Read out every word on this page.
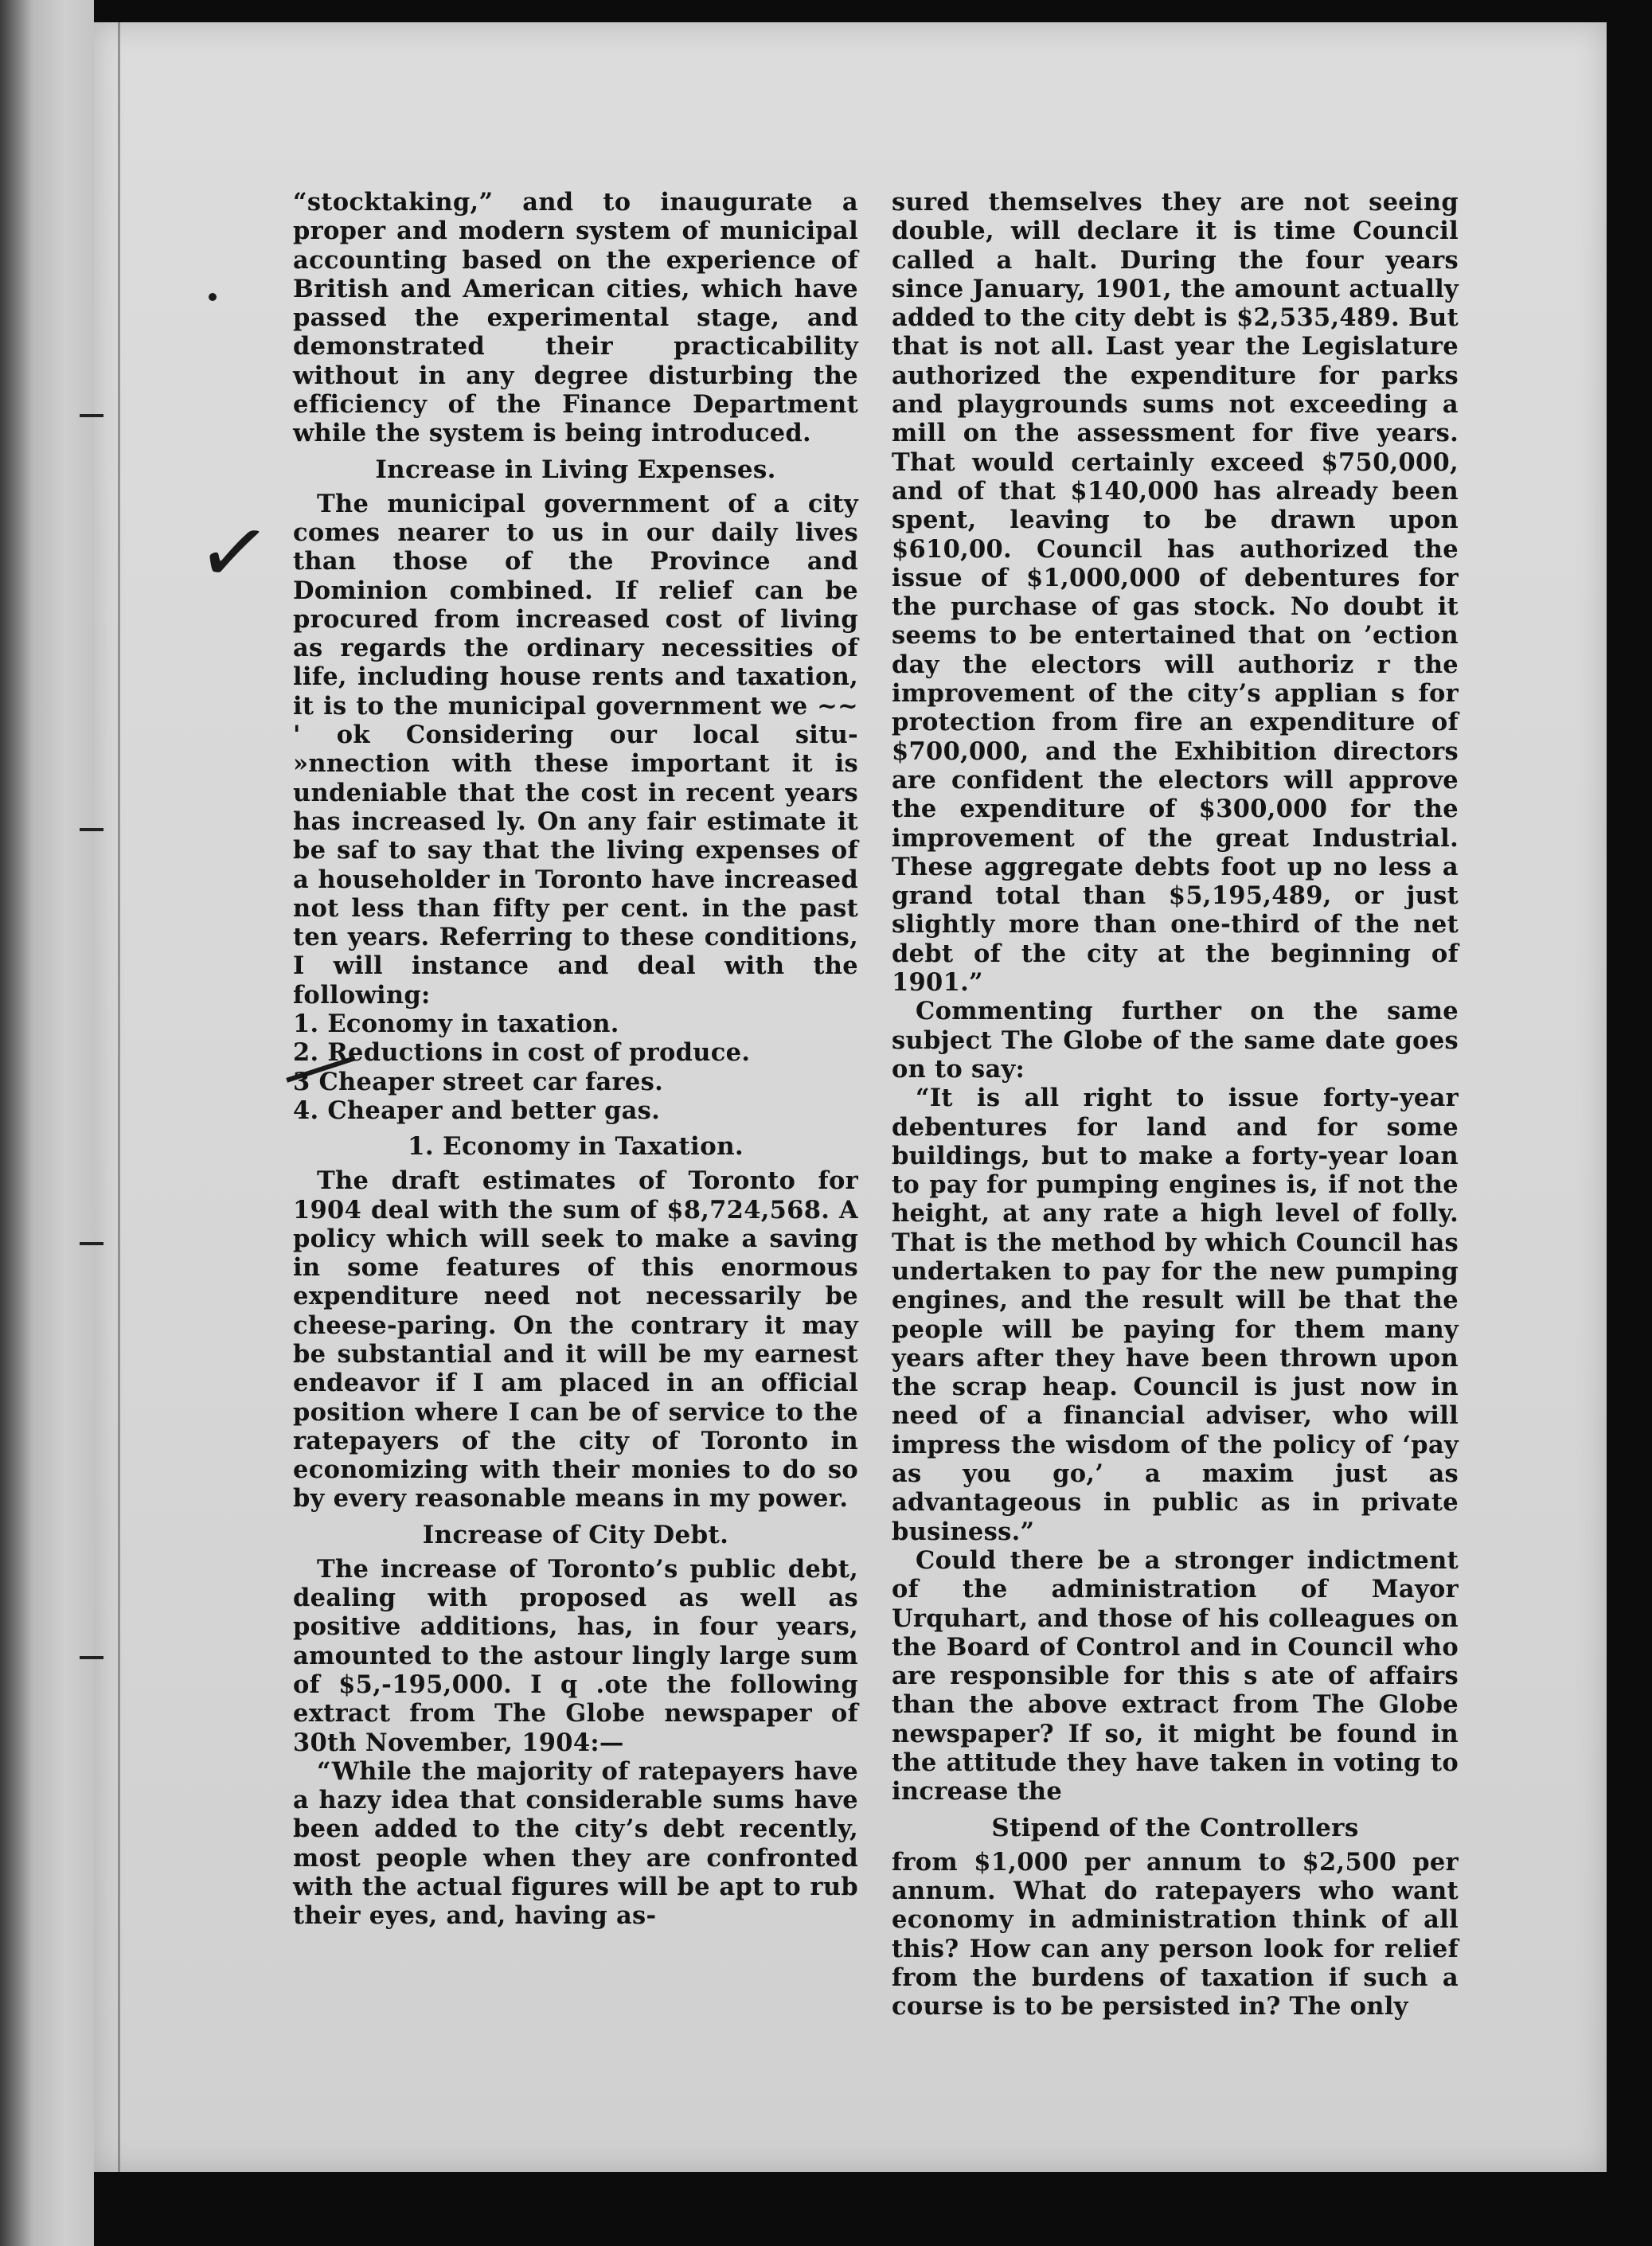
✓

“stocktaking,” and to inaugurate a proper and modern system of municipal accounting based on the experience of British and American cities, which have passed the experimental stage, and demonstrated their practicability without in any degree disturbing the efficiency of the Finance Department while the system is being introduced.

Increase in Living Expenses.

The municipal government of a city comes nearer to us in our daily lives than those of the Province and Dominion combined. If relief can be procured from increased cost of living as regards the ordinary necessities of life, including house rents and taxation, it is to the municipal government we ~~ ' ok Considering our local situ- »nnection with these important it is undeniable that the cost in recent years has increased ly. On any fair estimate it be saf to say that the living expenses of a householder in Toronto have increased not less than fifty per cent. in the past ten years. Referring to these conditions, I will instance and deal with the following:

1. Economy in taxation.

2. Reductions in cost of produce.

3 Cheaper street car fares.

4. Cheaper and better gas.

1. Economy in Taxation.

The draft estimates of Toronto for 1904 deal with the sum of $8,724,568. A policy which will seek to make a saving in some features of this enormous expenditure need not necessarily be cheese-paring. On the contrary it may be substantial and it will be my earnest endeavor if I am placed in an official position where I can be of service to the ratepayers of the city of Toronto in economizing with their monies to do so by every reasonable means in my power.

Increase of City Debt.

The increase of Toronto’s public debt, dealing with proposed as well as positive additions, has, in four years, amounted to the astour lingly large sum of $5,-195,000. I q .ote the following extract from The Globe newspaper of 30th November, 1904:—

“While the majority of ratepayers have a hazy idea that considerable sums have been added to the city’s debt recently, most people when they are confronted with the actual figures will be apt to rub their eyes, and, having as-

sured themselves they are not seeing double, will declare it is time Council called a halt. During the four years since January, 1901, the amount actually added to the city debt is $2,535,489. But that is not all. Last year the Legislature authorized the expenditure for parks and playgrounds sums not exceeding a mill on the assessment for five years. That would certainly exceed $750,000, and of that $140,000 has already been spent, leaving to be drawn upon $610,00. Council has authorized the issue of $1,000,000 of debentures for the purchase of gas stock. No doubt it seems to be entertained that on ’ection day the electors will authoriz r the improvement of the city’s applian s for protection from fire an expenditure of $700,000, and the Exhibition directors are confident the electors will approve the expenditure of $300,000 for the improvement of the great Industrial. These aggregate debts foot up no less a grand total than $5,195,489, or just slightly more than one-third of the net debt of the city at the beginning of 1901.”

Commenting further on the same subject The Globe of the same date goes on to say:

“It is all right to issue forty-year debentures for land and for some buildings, but to make a forty-year loan to pay for pumping engines is, if not the height, at any rate a high level of folly. That is the method by which Council has undertaken to pay for the new pumping engines, and the result will be that the people will be paying for them many years after they have been thrown upon the scrap heap. Council is just now in need of a financial adviser, who will impress the wisdom of the policy of ‘pay as you go,’ a maxim just as advantageous in public as in private business.”

Could there be a stronger indictment of the administration of Mayor Urquhart, and those of his colleagues on the Board of Control and in Council who are responsible for this s ate of affairs than the above extract from The Globe newspaper? If so, it might be found in the attitude they have taken in voting to increase the

Stipend of the Controllers

from $1,000 per annum to $2,500 per annum. What do ratepayers who want economy in administration think of all this? How can any person look for relief from the burdens of taxation if such a course is to be persisted in? The only
